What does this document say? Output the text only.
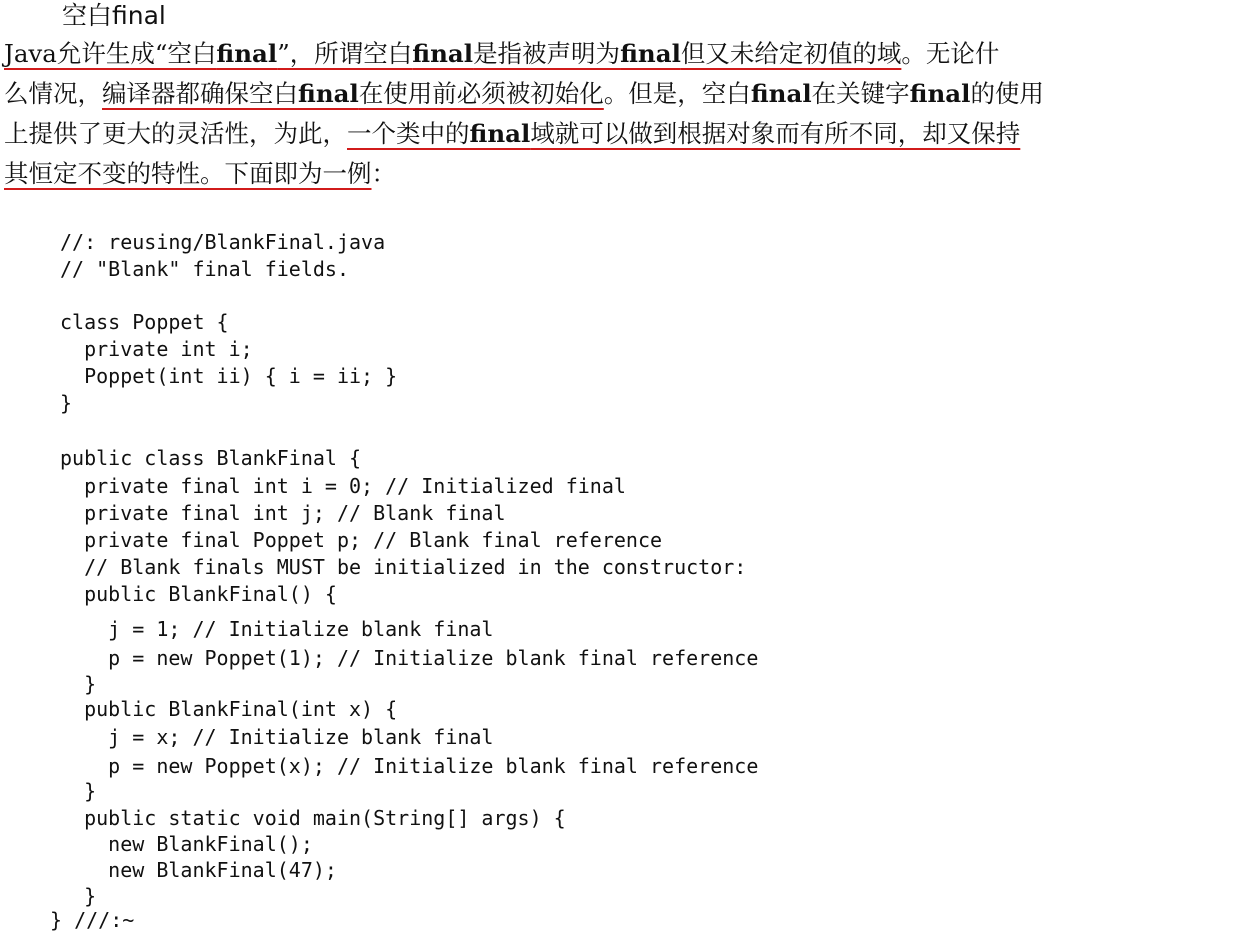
空白final
Java允许生成“空白final”，所谓空白final是指被声明为final但又未给定初值的域。无论什
么情况，编译器都确保空白final在使用前必须被初始化。但是，空白final在关键字final的使用
上提供了更大的灵活性，为此，一个类中的final域就可以做到根据对象而有所不同，却又保持
其恒定不变的特性。下面即为一例：
//: reusing/BlankFinal.java
// "Blank" final fields.
class Poppet {
private int i;
Poppet(int ii) { i = ii; }
}
public class BlankFinal {
private final int i = 0; // Initialized final
private final int j; // Blank final
private final Poppet p; // Blank final reference
// Blank finals MUST be initialized in the constructor:
public BlankFinal() {
j = 1; // Initialize blank final
p = new Poppet(1); // Initialize blank final reference
}
public BlankFinal(int x) {
j = x; // Initialize blank final
p = new Poppet(x); // Initialize blank final reference
}
public static void main(String[] args) {
new BlankFinal();
new BlankFinal(47);
}
} ///:~
